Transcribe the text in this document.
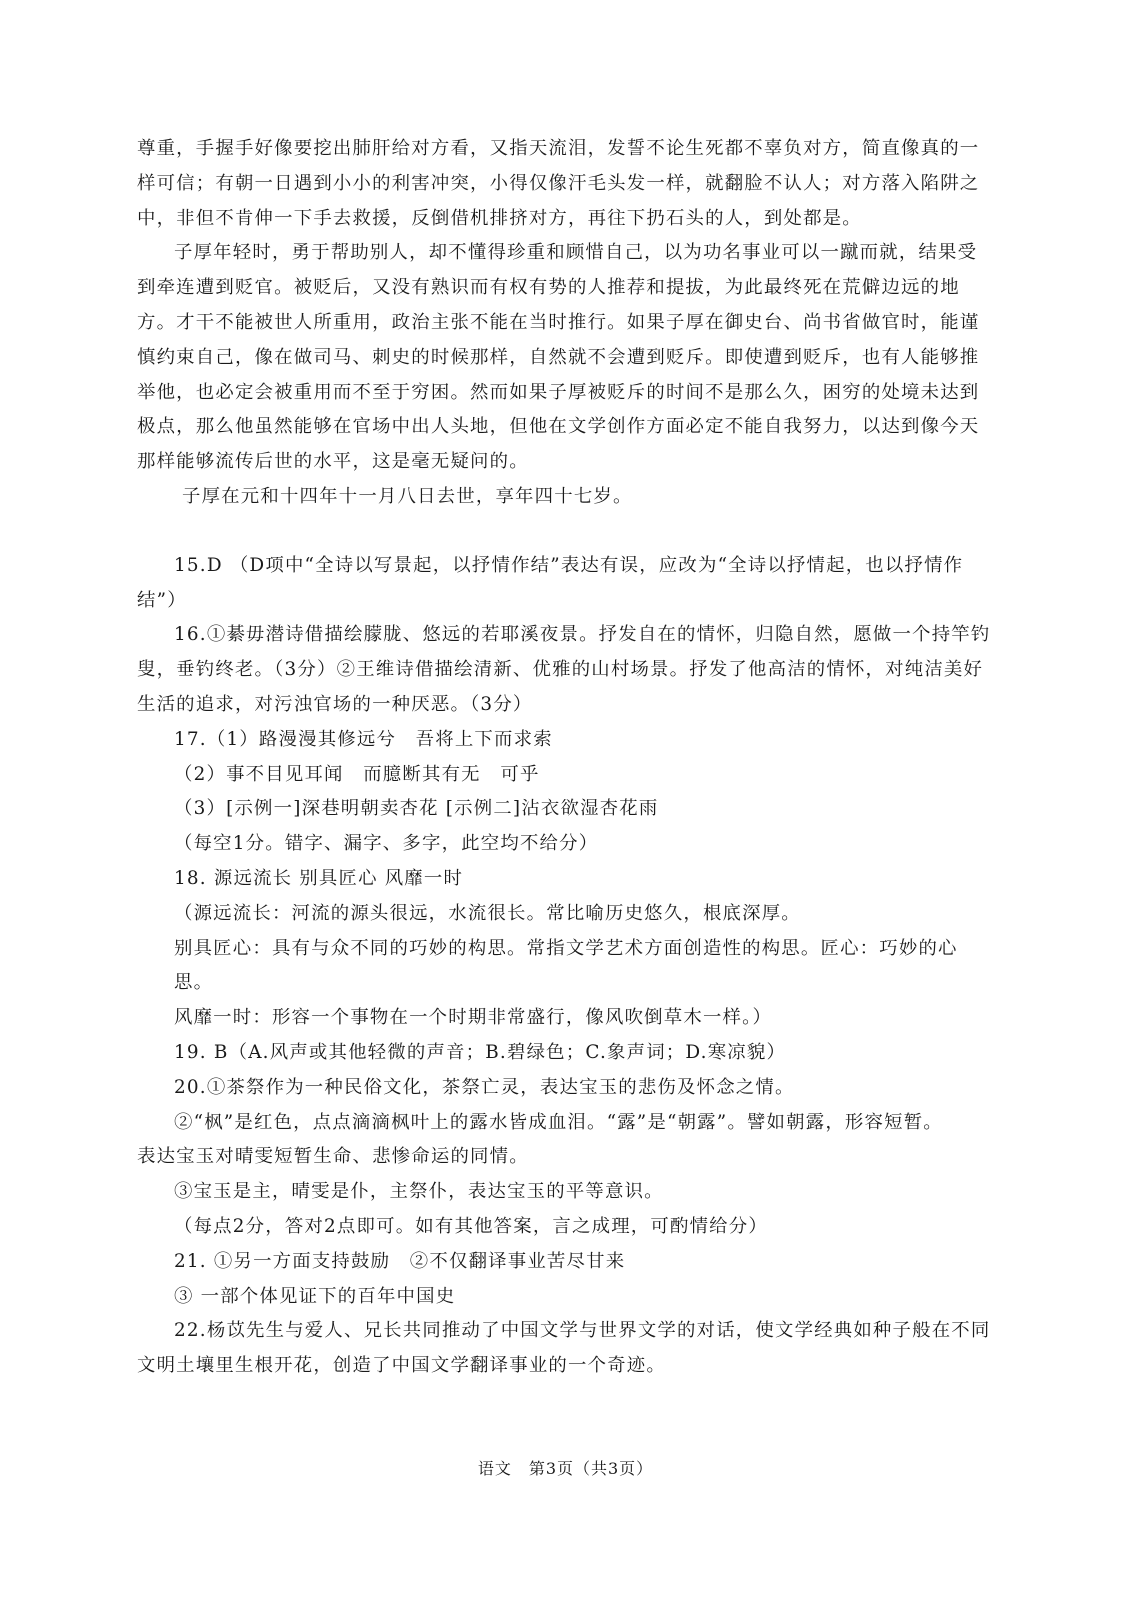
尊重，手握手好像要挖出肺肝给对方看，又指天流泪，发誓不论生死都不辜负对方，简直像真的一样可信；有朝一日遇到小小的利害冲突，小得仅像汗毛头发一样，就翻脸不认人；对方落入陷阱之中，非但不肯伸一下手去救援，反倒借机排挤对方，再往下扔石头的人，到处都是。

子厚年轻时，勇于帮助别人，却不懂得珍重和顾惜自己，以为功名事业可以一蹴而就，结果受到牵连遭到贬官。被贬后，又没有熟识而有权有势的人推荐和提拔，为此最终死在荒僻边远的地方。才干不能被世人所重用，政治主张不能在当时推行。如果子厚在御史台、尚书省做官时，能谨慎约束自己，像在做司马、刺史的时候那样，自然就不会遭到贬斥。即使遭到贬斥，也有人能够推举他，也必定会被重用而不至于穷困。然而如果子厚被贬斥的时间不是那么久，困穷的处境未达到极点，那么他虽然能够在官场中出人头地，但他在文学创作方面必定不能自我努力，以达到像今天那样能够流传后世的水平，这是毫无疑问的。

子厚在元和十四年十一月八日去世，享年四十七岁。

15.D （D项中“全诗以写景起，以抒情作结”表达有误，应改为“全诗以抒情起，也以抒情作结”）

16.①綦毋潜诗借描绘朦胧、悠远的若耶溪夜景。抒发自在的情怀，归隐自然，愿做一个持竿钓叟，垂钓终老。（3分）②王维诗借描绘清新、优雅的山村场景。抒发了他高洁的情怀，对纯洁美好生活的追求，对污浊官场的一种厌恶。（3分）

17.（1）路漫漫其修远兮　吾将上下而求索

（2）事不目见耳闻　而臆断其有无　可乎

（3）[示例一]深巷明朝卖杏花 [示例二]沾衣欲湿杏花雨

（每空1分。错字、漏字、多字，此空均不给分）

18. 源远流长 别具匠心 风靡一时

（源远流长：河流的源头很远，水流很长。常比喻历史悠久，根底深厚。

别具匠心：具有与众不同的巧妙的构思。常指文学艺术方面创造性的构思。匠心：巧妙的心思。

风靡一时：形容一个事物在一个时期非常盛行，像风吹倒草木一样。）

19. B（A.风声或其他轻微的声音；B.碧绿色；C.象声词；D.寒凉貌）

20.①茶祭作为一种民俗文化，茶祭亡灵，表达宝玉的悲伤及怀念之情。

②“枫”是红色，点点滴滴枫叶上的露水皆成血泪。“露”是“朝露”。譬如朝露，形容短暂。

表达宝玉对晴雯短暂生命、悲惨命运的同情。

③宝玉是主，晴雯是仆，主祭仆，表达宝玉的平等意识。

（每点2分，答对2点即可。如有其他答案，言之成理，可酌情给分）

21. ①另一方面支持鼓励　②不仅翻译事业苦尽甘来

③ 一部个体见证下的百年中国史

22.杨苡先生与爱人、兄长共同推动了中国文学与世界文学的对话，使文学经典如种子般在不同文明土壤里生根开花，创造了中国文学翻译事业的一个奇迹。

语文　第3页（共3页）
